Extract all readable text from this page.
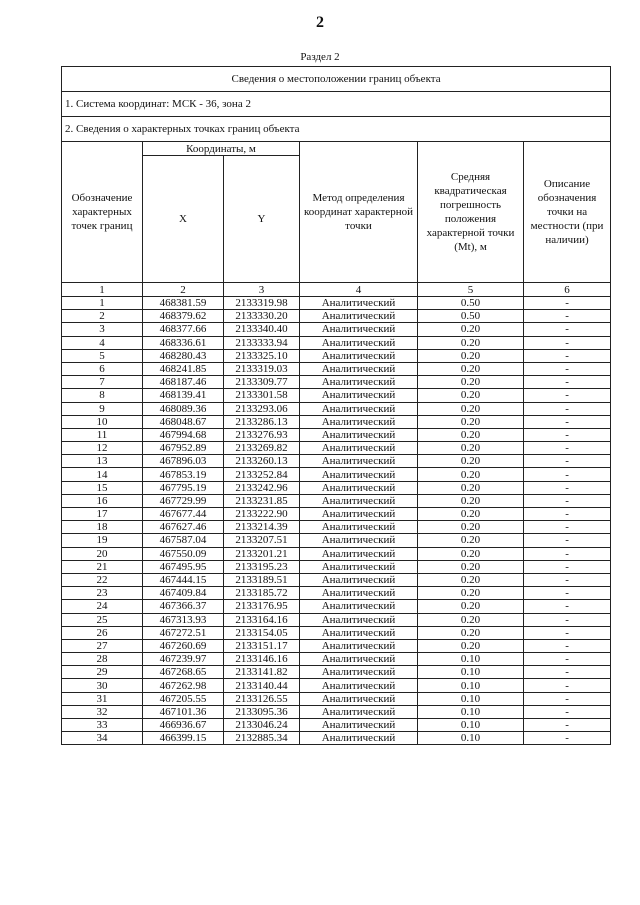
2
Раздел 2
Сведения о местоположении границ объекта					
1. Система координат: МСК - 36, зона 2					
2. Сведения о характерных точках границ объекта					
Обозначение характерных точек границ	Координаты, м		Метод определения координат характерной точки	Средняя квадратическая погрешность положения характерной точки (Mt), м	Описание обозначения точки на местности (при наличии)
	X	Y			
1	2	3	4	5	6
1	468381.59	2133319.98	Аналитический	0.50	-
2	468379.62	2133330.20	Аналитический	0.50	-
3	468377.66	2133340.40	Аналитический	0.20	-
4	468336.61	2133333.94	Аналитический	0.20	-
5	468280.43	2133325.10	Аналитический	0.20	-
6	468241.85	2133319.03	Аналитический	0.20	-
7	468187.46	2133309.77	Аналитический	0.20	-
8	468139.41	2133301.58	Аналитический	0.20	-
9	468089.36	2133293.06	Аналитический	0.20	-
10	468048.67	2133286.13	Аналитический	0.20	-
11	467994.68	2133276.93	Аналитический	0.20	-
12	467952.89	2133269.82	Аналитический	0.20	-
13	467896.03	2133260.13	Аналитический	0.20	-
14	467853.19	2133252.84	Аналитический	0.20	-
15	467795.19	2133242.96	Аналитический	0.20	-
16	467729.99	2133231.85	Аналитический	0.20	-
17	467677.44	2133222.90	Аналитический	0.20	-
18	467627.46	2133214.39	Аналитический	0.20	-
19	467587.04	2133207.51	Аналитический	0.20	-
20	467550.09	2133201.21	Аналитический	0.20	-
21	467495.95	2133195.23	Аналитический	0.20	-
22	467444.15	2133189.51	Аналитический	0.20	-
23	467409.84	2133185.72	Аналитический	0.20	-
24	467366.37	2133176.95	Аналитический	0.20	-
25	467313.93	2133164.16	Аналитический	0.20	-
26	467272.51	2133154.05	Аналитический	0.20	-
27	467260.69	2133151.17	Аналитический	0.20	-
28	467239.97	2133146.16	Аналитический	0.10	-
29	467268.65	2133141.82	Аналитический	0.10	-
30	467262.98	2133140.44	Аналитический	0.10	-
31	467205.55	2133126.55	Аналитический	0.10	-
32	467101.36	2133095.36	Аналитический	0.10	-
33	466936.67	2133046.24	Аналитический	0.10	-
34	466399.15	2132885.34	Аналитический	0.10	-
